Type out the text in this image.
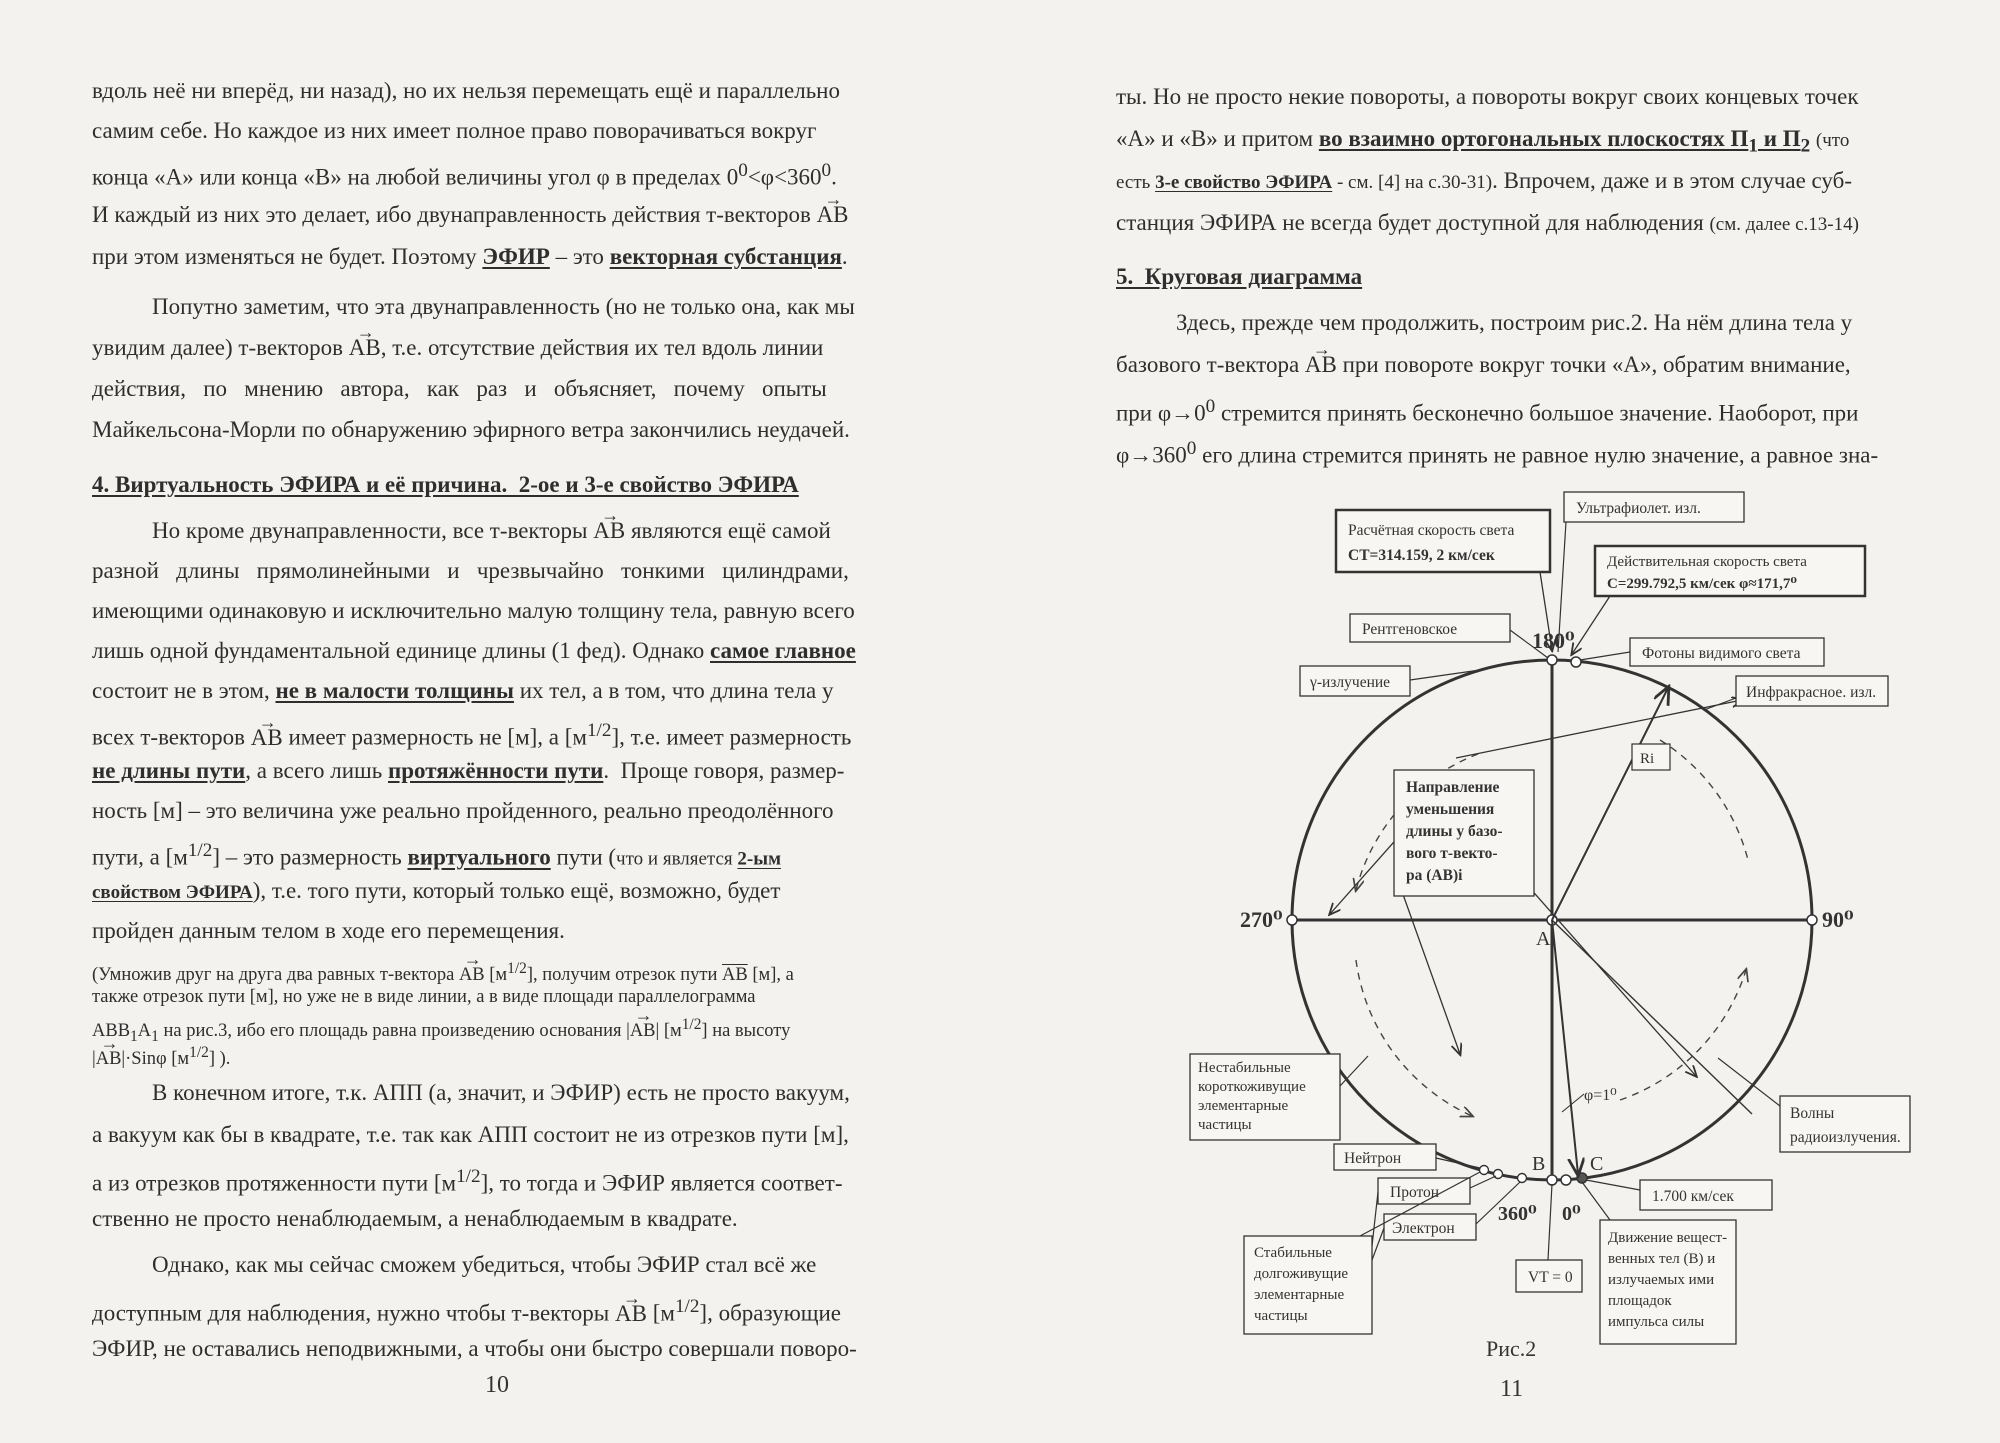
вдоль неё ни вперёд, ни назад), но их нельзя перемещать ещё и параллельно
самим себе. Но каждое из них имеет полное право поворачиваться вокруг
конца «А» или конца «В» на любой величины угол φ в пределах $0^0<\varphi<360^0$.
И каждый из них это делает, ибо двунаправленность действия т-векторов → AB
при этом изменяться не будет. Поэтому ЭФИР – это векторная субстанция.
Попутно заметим, что эта двунаправленность (но не только она, как мы
увидим далее) т-векторов → AB, т.е. отсутствие действия их тел вдоль линии
действия,   по   мнению   автора,   как   раз   и   объясняет,   почему   опыты
Майкельсона-Морли по обнаружению эфирного ветра закончились неудачей.
4. Виртуальность ЭФИРА и её причина.  2-ое и 3-е свойство ЭФИРА
Но кроме двунаправленности, все т-векторы → AB являются ещё самой
разной   длины   прямолинейными   и   чрезвычайно   тонкими   цилиндрами,
имеющими одинаковую и исключительно малую толщину тела, равную всего
лишь одной фундаментальной единице длины (1 фед). Однако самое главное
состоит не в этом, не в малости толщины их тел, а в том, что длина тела у
всех т-векторов → AB имеет размерность не [м], а $[м^{1/2}]$, т.е. имеет размерность
не длины пути, а всего лишь протяжённости пути.  Проще говоря, размер-
ность [м] – это величина уже реально пройденного, реально преодолённого
пути, а $[м^{1/2}]$ – это размерность виртуального пути (что и является 2-ым
свойством ЭФИРА), т.е. того пути, который только ещё, возможно, будет
пройден данным телом в ходе его перемещения.
(Умножив друг на друга два равных т-вектора → AB $[м^{1/2}]$, получим отрезок пути $\overline{AB}$ [м], а
также отрезок пути [м], но уже не в виде линии, а в виде площади параллелограмма
$ABB_1A_1$ на рис.3, ибо его площадь равна произведению основания |→ AB| $[м^{1/2}]$ на высоту
|→ AB|·Sinφ $[м^{1/2}]$ ).
В конечном итоге, т.к. АПП (а, значит, и ЭФИР) есть не просто вакуум,
а вакуум как бы в квадрате, т.е. так как АПП состоит не из отрезков пути [м],
а из отрезков протяженности пути $[м^{1/2}]$, то тогда и ЭФИР является соответ-
ственно не просто ненаблюдаемым, а ненаблюдаемым в квадрате.
Однако, как мы сейчас сможем убедиться, чтобы ЭФИР стал всё же
доступным для наблюдения, нужно чтобы т-векторы → AB $[м^{1/2}]$, образующие
ЭФИР, не оставались неподвижными, а чтобы они быстро совершали поворо-
10
ты. Но не просто некие повороты, а повороты вокруг своих концевых точек
«А» и «В» и притом во взаимно ортогональных плоскостях $П_1$ и $П_2$ (что
есть 3-е свойство ЭФИРА - см. [4] на с.30-31). Впрочем, даже и в этом случае суб-
станция ЭФИРА не всегда будет доступной для наблюдения (см. далее с.13-14)
5.  Круговая диаграмма
Здесь, прежде чем продолжить, построим рис.2. На нём длина тела у
базового т-вектора → AB при повороте вокруг точки «А», обратим внимание,
при $\varphi\to 0^0$ стремится принять бесконечно большое значение. Наоборот, при
$\varphi\to 360^0$ его длина стремится принять не равное нулю значение, а равное зна-
Расчётная скорость света
CT=314.159, 2 км/сек
Ультрафиолет. изл.
Действительная скорость света
C=299.792,5 км/сек φ≈171,7⁰
Рентгеновское	180⁰
Фотоны видимого света
γ-излучение
Инфракрасное. изл.
Ri
Направление
уменьшения
длины у базо-
вого т-векто-
ра (AB)i
270⁰	90⁰
A
Нестабильные
короткоживущие
элементарные
частицы
φ=1⁰
Волны
радиоизлучения.
Нейтрон	B C
Протон	1.700 км/сек
360⁰ 0⁰
Электрон
Стабильные
долгоживущие
элементарные
частицы
VT = 0
Движение вещест-
венных тел (B) и
излучаемых ими
площадок
импульса силы
Рис.2
11
